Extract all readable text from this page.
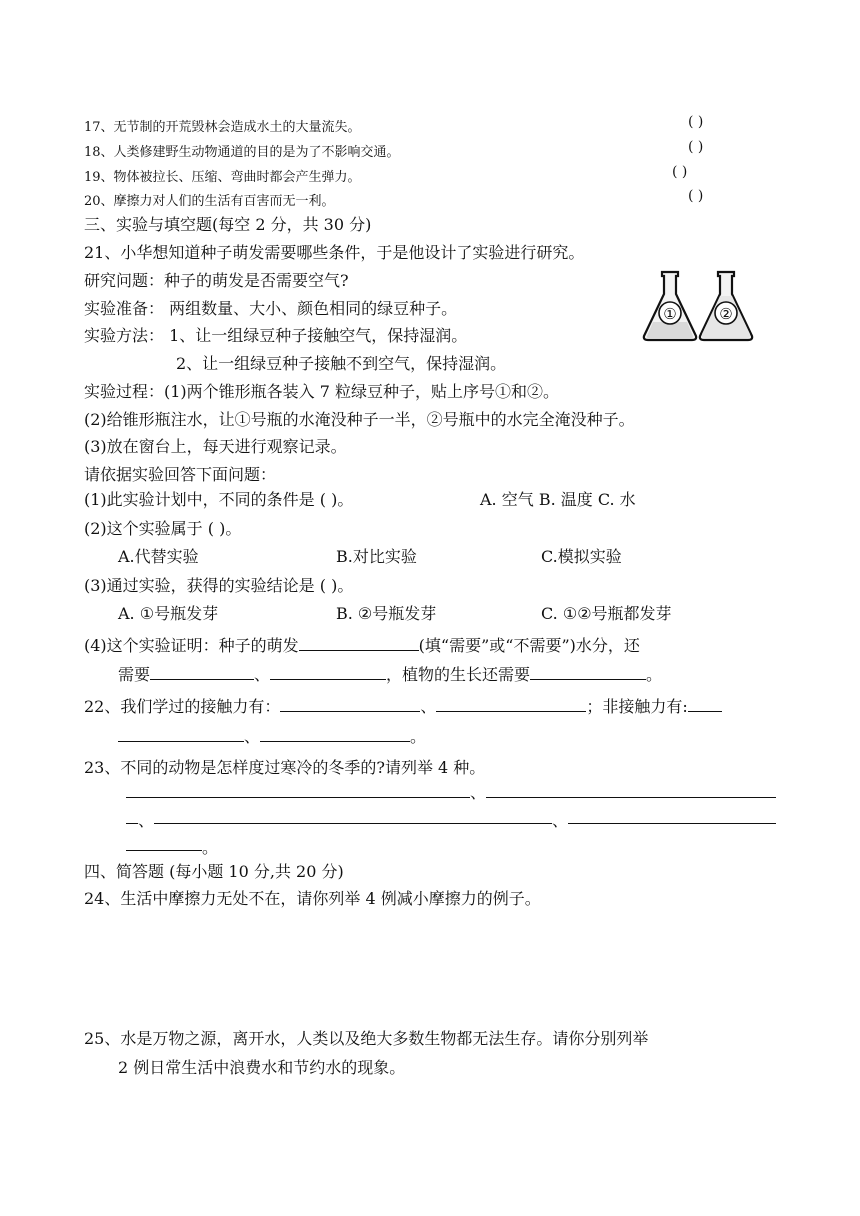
17、无节制的开荒毁林会造成水土的大量流失。	( )
18、人类修建野生动物通道的目的是为了不影响交通。	( )
19、物体被拉长、压缩、弯曲时都会产生弹力。	( )
20、摩擦力对人们的生活有百害而无一利。	( )
三、实验与填空题(每空 2 分，共 30 分)
21、小华想知道种子萌发需要哪些条件，于是他设计了实验进行研究。
研究问题：种子的萌发是否需要空气?
实验准备： 两组数量、大小、颜色相同的绿豆种子。
实验方法： 1、让一组绿豆种子接触空气，保持湿润。
2、让一组绿豆种子接触不到空气，保持湿润。
实验过程：(1)两个锥形瓶各装入 7 粒绿豆种子，贴上序号①和②。
(2)给锥形瓶注水，让①号瓶的水淹没种子一半，②号瓶中的水完全淹没种子。
(3)放在窗台上，每天进行观察记录。
请依据实验回答下面问题：
①	②
(1)此实验计划中，不同的条件是 ( )。	A. 空气 B. 温度 C. 水
(2)这个实验属于 ( )。
A.代替实验	B.对比实验	C.模拟实验
(3)通过实验，获得的实验结论是 ( )。
A. ①号瓶发芽	B. ②号瓶发芽	C. ①②号瓶都发芽
(4)这个实验证明：种子的萌发	(填“需要”或“不需要”)水分，还
需要	、	，植物的生长还需要	。
22、我们学过的接触力有：	、	；非接触力有:
、	。
23、不同的动物是怎样度过寒冷的冬季的?请列举 4 种。
、
、	、
。
四、简答题 (每小题 10 分,共 20 分)
24、生活中摩擦力无处不在，请你列举 4 例减小摩擦力的例子。
25、水是万物之源，离开水，人类以及绝大多数生物都无法生存。请你分别列举
2 例日常生活中浪费水和节约水的现象。
